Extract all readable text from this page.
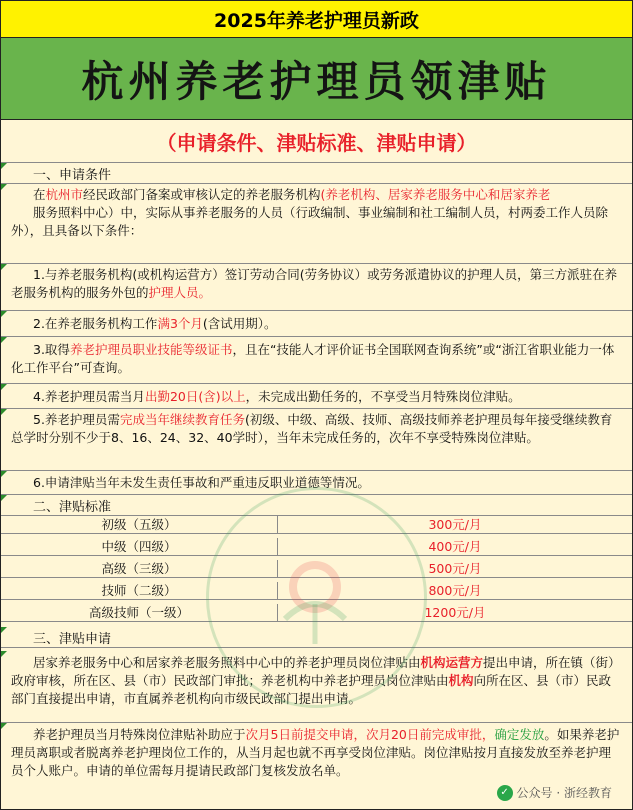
2025年养老护理员新政
杭州养老护理员领津贴
（申请条件、津贴标准、津贴申请）
一、申请条件
在杭州市经民政部门备案或审核认定的养老服务机构(养老机构、居家养老服务中心和居家养老
服务照料中心）中，实际从事养老服务的人员（行政编制、事业编制和社工编制人员，村两委工作人员除外），且具备以下条件：
1.与养老服务机构(或机构运营方）签订劳动合同(劳务协议）或劳务派遣协议的护理人员，第三方派驻在养老服务机构的服务外包的护理人员。
2.在养老服务机构工作满3个月(含试用期）。
3.取得养老护理员职业技能等级证书，且在“技能人才评价证书全国联网查询系统”或“浙江省职业能力一体化工作平台”可查询。
4.养老护理员需当月出勤20日(含)以上，未完成出勤任务的，不享受当月特殊岗位津贴。
5.养老护理员需完成当年继续教育任务(初级、中级、高级、技师、高级技师养老护理员每年接受继续教育总学时分别不少于8、16、24、32、40学时），当年未完成任务的，次年不享受特殊岗位津贴。
6.申请津贴当年未发生责任事故和严重违反职业道德等情况。
二、津贴标准
初级（五级）	300元/月
中级（四级）	400元/月
高级（三级）	500元/月
技师（二级）	800元/月
高级技师（一级）	1200元/月
三、津贴申请
居家养老服务中心和居家养老服务照料中心中的养老护理员岗位津贴由机构运营方提出申请，所在镇（街）政府审核，所在区、县（市）民政部门审批；养老机构中养老护理员岗位津贴由机构向所在区、县（市）民政部门直接提出申请，市直属养老机构向市级民政部门提出申请。
养老护理员当月特殊岗位津贴补助应于次月5日前提交申请，次月20日前完成审批，确定发放。如果养老护理员离职或者脱离养老护理岗位工作的，从当月起也就不再享受岗位津贴。岗位津贴按月直接发放至养老护理员个人账户。申请的单位需每月提请民政部门复核发放名单。
✓ 公众号 · 浙经教育
